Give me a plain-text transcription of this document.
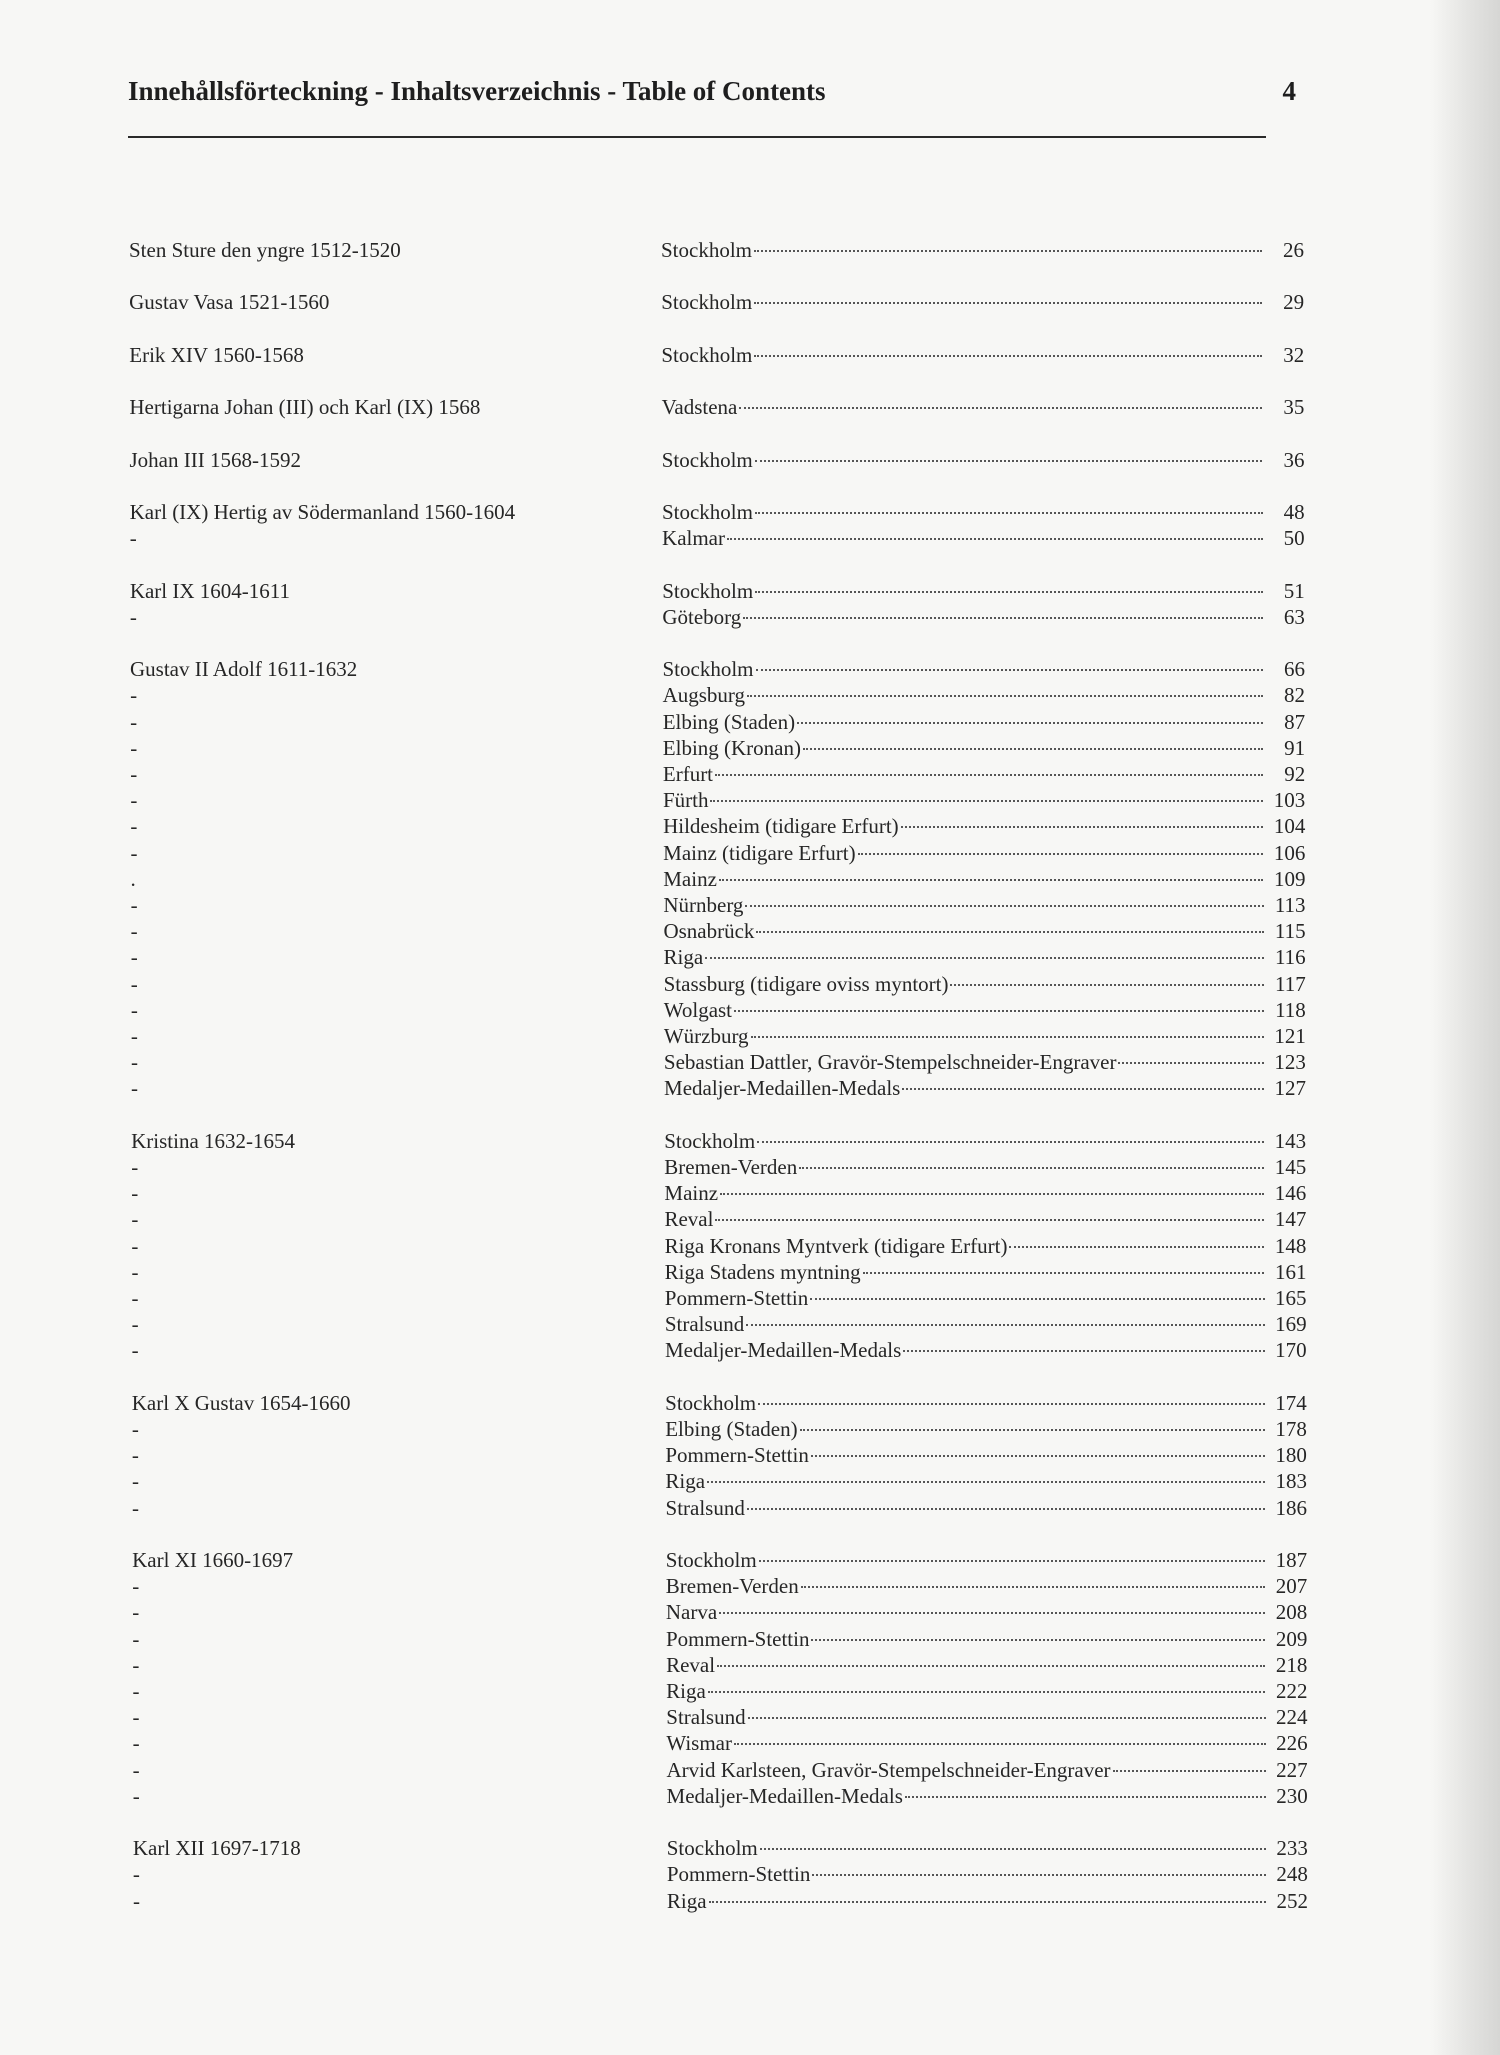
Innehållsförteckning - Inhaltsverzeichnis - Table of Contents	4
Sten Sture den yngre 1512-1520	Stockholm	26
Gustav Vasa 1521-1560	Stockholm	29
Erik XIV 1560-1568	Stockholm	32
Hertigarna Johan (III) och Karl (IX) 1568	Vadstena	35
Johan III 1568-1592	Stockholm	36
Karl (IX) Hertig av Södermanland 1560-1604	Stockholm	48
-	Kalmar	50
Karl IX 1604-1611	Stockholm	51
-	Göteborg	63
Gustav II Adolf 1611-1632	Stockholm	66
-	Augsburg	82
-	Elbing (Staden)	87
-	Elbing (Kronan)	91
-	Erfurt	92
-	Fürth	103
-	Hildesheim (tidigare Erfurt)	104
-	Mainz (tidigare Erfurt)	106
.	Mainz	109
-	Nürnberg	113
-	Osnabrück	115
-	Riga	116
-	Stassburg (tidigare oviss myntort)	117
-	Wolgast	118
-	Würzburg	121
-	Sebastian Dattler, Gravör-Stempelschneider-Engraver	123
-	Medaljer-Medaillen-Medals	127
Kristina 1632-1654	Stockholm	143
-	Bremen-Verden	145
-	Mainz	146
-	Reval	147
-	Riga Kronans Myntverk (tidigare Erfurt)	148
-	Riga Stadens myntning	161
-	Pommern-Stettin	165
-	Stralsund	169
-	Medaljer-Medaillen-Medals	170
Karl X Gustav 1654-1660	Stockholm	174
-	Elbing (Staden)	178
-	Pommern-Stettin	180
-	Riga	183
-	Stralsund	186
Karl XI 1660-1697	Stockholm	187
-	Bremen-Verden	207
-	Narva	208
-	Pommern-Stettin	209
-	Reval	218
-	Riga	222
-	Stralsund	224
-	Wismar	226
-	Arvid Karlsteen, Gravör-Stempelschneider-Engraver	227
-	Medaljer-Medaillen-Medals	230
Karl XII 1697-1718	Stockholm	233
-	Pommern-Stettin	248
-	Riga	252
